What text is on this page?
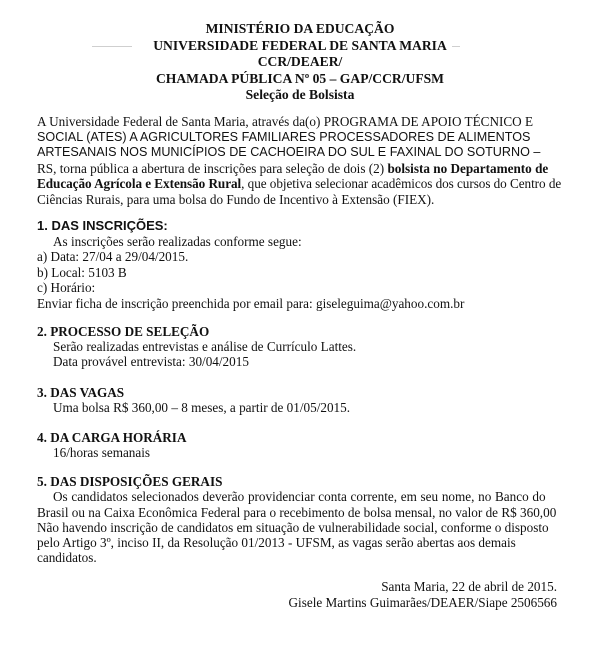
MINISTÉRIO DA EDUCAÇÃO
UNIVERSIDADE FEDERAL DE SANTA MARIA
CCR/DEAER/
CHAMADA PÚBLICA Nº 05 – GAP/CCR/UFSM
Seleção de Bolsista
A Universidade Federal de Santa Maria, através da(o) PROGRAMA DE APOIO TÉCNICO E
SOCIAL (ATES) A AGRICULTORES FAMILIARES PROCESSADORES DE ALIMENTOS
ARTESANAIS NOS MUNICÍPIOS DE CACHOEIRA DO SUL E FAXINAL DO SOTURNO –
RS, torna pública a abertura de inscrições para seleção de dois (2) bolsista no Departamento de
Educação Agrícola e Extensão Rural, que objetiva selecionar acadêmicos dos cursos do Centro de
Ciências Rurais, para uma bolsa do Fundo de Incentivo à Extensão (FIEX).
1. DAS INSCRIÇÕES:
As inscrições serão realizadas conforme segue:
a) Data: 27/04 a 29/04/2015.
b) Local: 5103 B
c) Horário:
Enviar ficha de inscrição preenchida por email para: giseleguima@yahoo.com.br
2. PROCESSO DE SELEÇÃO
Serão realizadas entrevistas e análise de Currículo Lattes.
Data provável entrevista: 30/04/2015
3. DAS VAGAS
Uma bolsa R$ 360,00 – 8 meses, a partir de 01/05/2015.
4. DA CARGA HORÁRIA
16/horas semanais
5. DAS DISPOSIÇÕES GERAIS
Os candidatos selecionados deverão providenciar conta corrente, em seu nome, no Banco do
Brasil ou na Caixa Econômica Federal para o recebimento de bolsa mensal, no valor de R$ 360,00
Não havendo inscrição de candidatos em situação de vulnerabilidade social, conforme o disposto
pelo Artigo 3º, inciso II, da Resolução 01/2013 - UFSM, as vagas serão abertas aos demais
candidatos.
Santa Maria, 22 de abril de 2015.
Gisele Martins Guimarães/DEAER/Siape 2506566
